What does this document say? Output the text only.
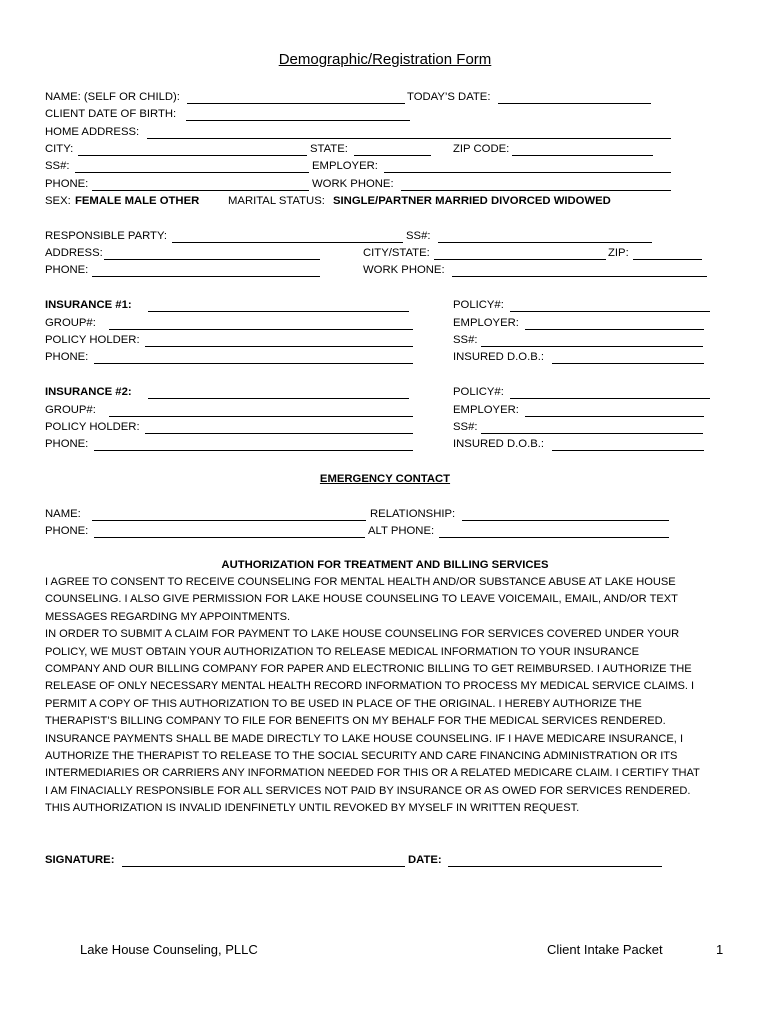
Demographic/Registration Form
NAME: (SELF OR CHILD):	TODAY’S DATE:
CLIENT DATE OF BIRTH:
HOME ADDRESS:
CITY:	STATE:	ZIP CODE:
SS#:	EMPLOYER:
PHONE:	WORK PHONE:
SEX: FEMALE MALE OTHER	MARITAL STATUS: SINGLE/PARTNER MARRIED DIVORCED WIDOWED
RESPONSIBLE PARTY:	SS#:
ADDRESS:	CITY/STATE:	ZIP:
PHONE:	WORK PHONE:
INSURANCE #1:	POLICY#:
GROUP#:	EMPLOYER:
POLICY HOLDER:	SS#:
PHONE:	INSURED D.O.B.:
INSURANCE #2:	POLICY#:
GROUP#:	EMPLOYER:
POLICY HOLDER:	SS#:
PHONE:	INSURED D.O.B.:
EMERGENCY CONTACT
NAME:	RELATIONSHIP:
PHONE:	ALT PHONE:
AUTHORIZATION FOR TREATMENT AND BILLING SERVICES
I AGREE TO CONSENT TO RECEIVE COUNSELING FOR MENTAL HEALTH AND/OR SUBSTANCE ABUSE AT LAKE HOUSE
COUNSELING. I ALSO GIVE PERMISSION FOR LAKE HOUSE COUNSELING TO LEAVE VOICEMAIL, EMAIL, AND/OR TEXT
MESSAGES REGARDING MY APPOINTMENTS.
IN ORDER TO SUBMIT A CLAIM FOR PAYMENT TO LAKE HOUSE COUNSELING FOR SERVICES COVERED UNDER YOUR
POLICY, WE MUST OBTAIN YOUR AUTHORIZATION TO RELEASE MEDICAL INFORMATION TO YOUR INSURANCE
COMPANY AND OUR BILLING COMPANY FOR PAPER AND ELECTRONIC BILLING TO GET REIMBURSED. I AUTHORIZE THE
RELEASE OF ONLY NECESSARY MENTAL HEALTH RECORD INFORMATION TO PROCESS MY MEDICAL SERVICE CLAIMS. I
PERMIT A COPY OF THIS AUTHORIZATION TO BE USED IN PLACE OF THE ORIGINAL. I HEREBY AUTHORIZE THE
THERAPIST’S BILLING COMPANY TO FILE FOR BENEFITS ON MY BEHALF FOR THE MEDICAL SERVICES RENDERED.
INSURANCE PAYMENTS SHALL BE MADE DIRECTLY TO LAKE HOUSE COUNSELING. IF I HAVE MEDICARE INSURANCE, I
AUTHORIZE THE THERAPIST TO RELEASE TO THE SOCIAL SECURITY AND CARE FINANCING ADMINISTRATION OR ITS
INTERMEDIARIES OR CARRIERS ANY INFORMATION NEEDED FOR THIS OR A RELATED MEDICARE CLAIM. I CERTIFY THAT
I AM FINACIALLY RESPONSIBLE FOR ALL SERVICES NOT PAID BY INSURANCE OR AS OWED FOR SERVICES RENDERED.
THIS AUTHORIZATION IS INVALID IDENFINETLY UNTIL REVOKED BY MYSELF IN WRITTEN REQUEST.
SIGNATURE:	DATE:
Lake House Counseling, PLLC	Client Intake Packet	1
